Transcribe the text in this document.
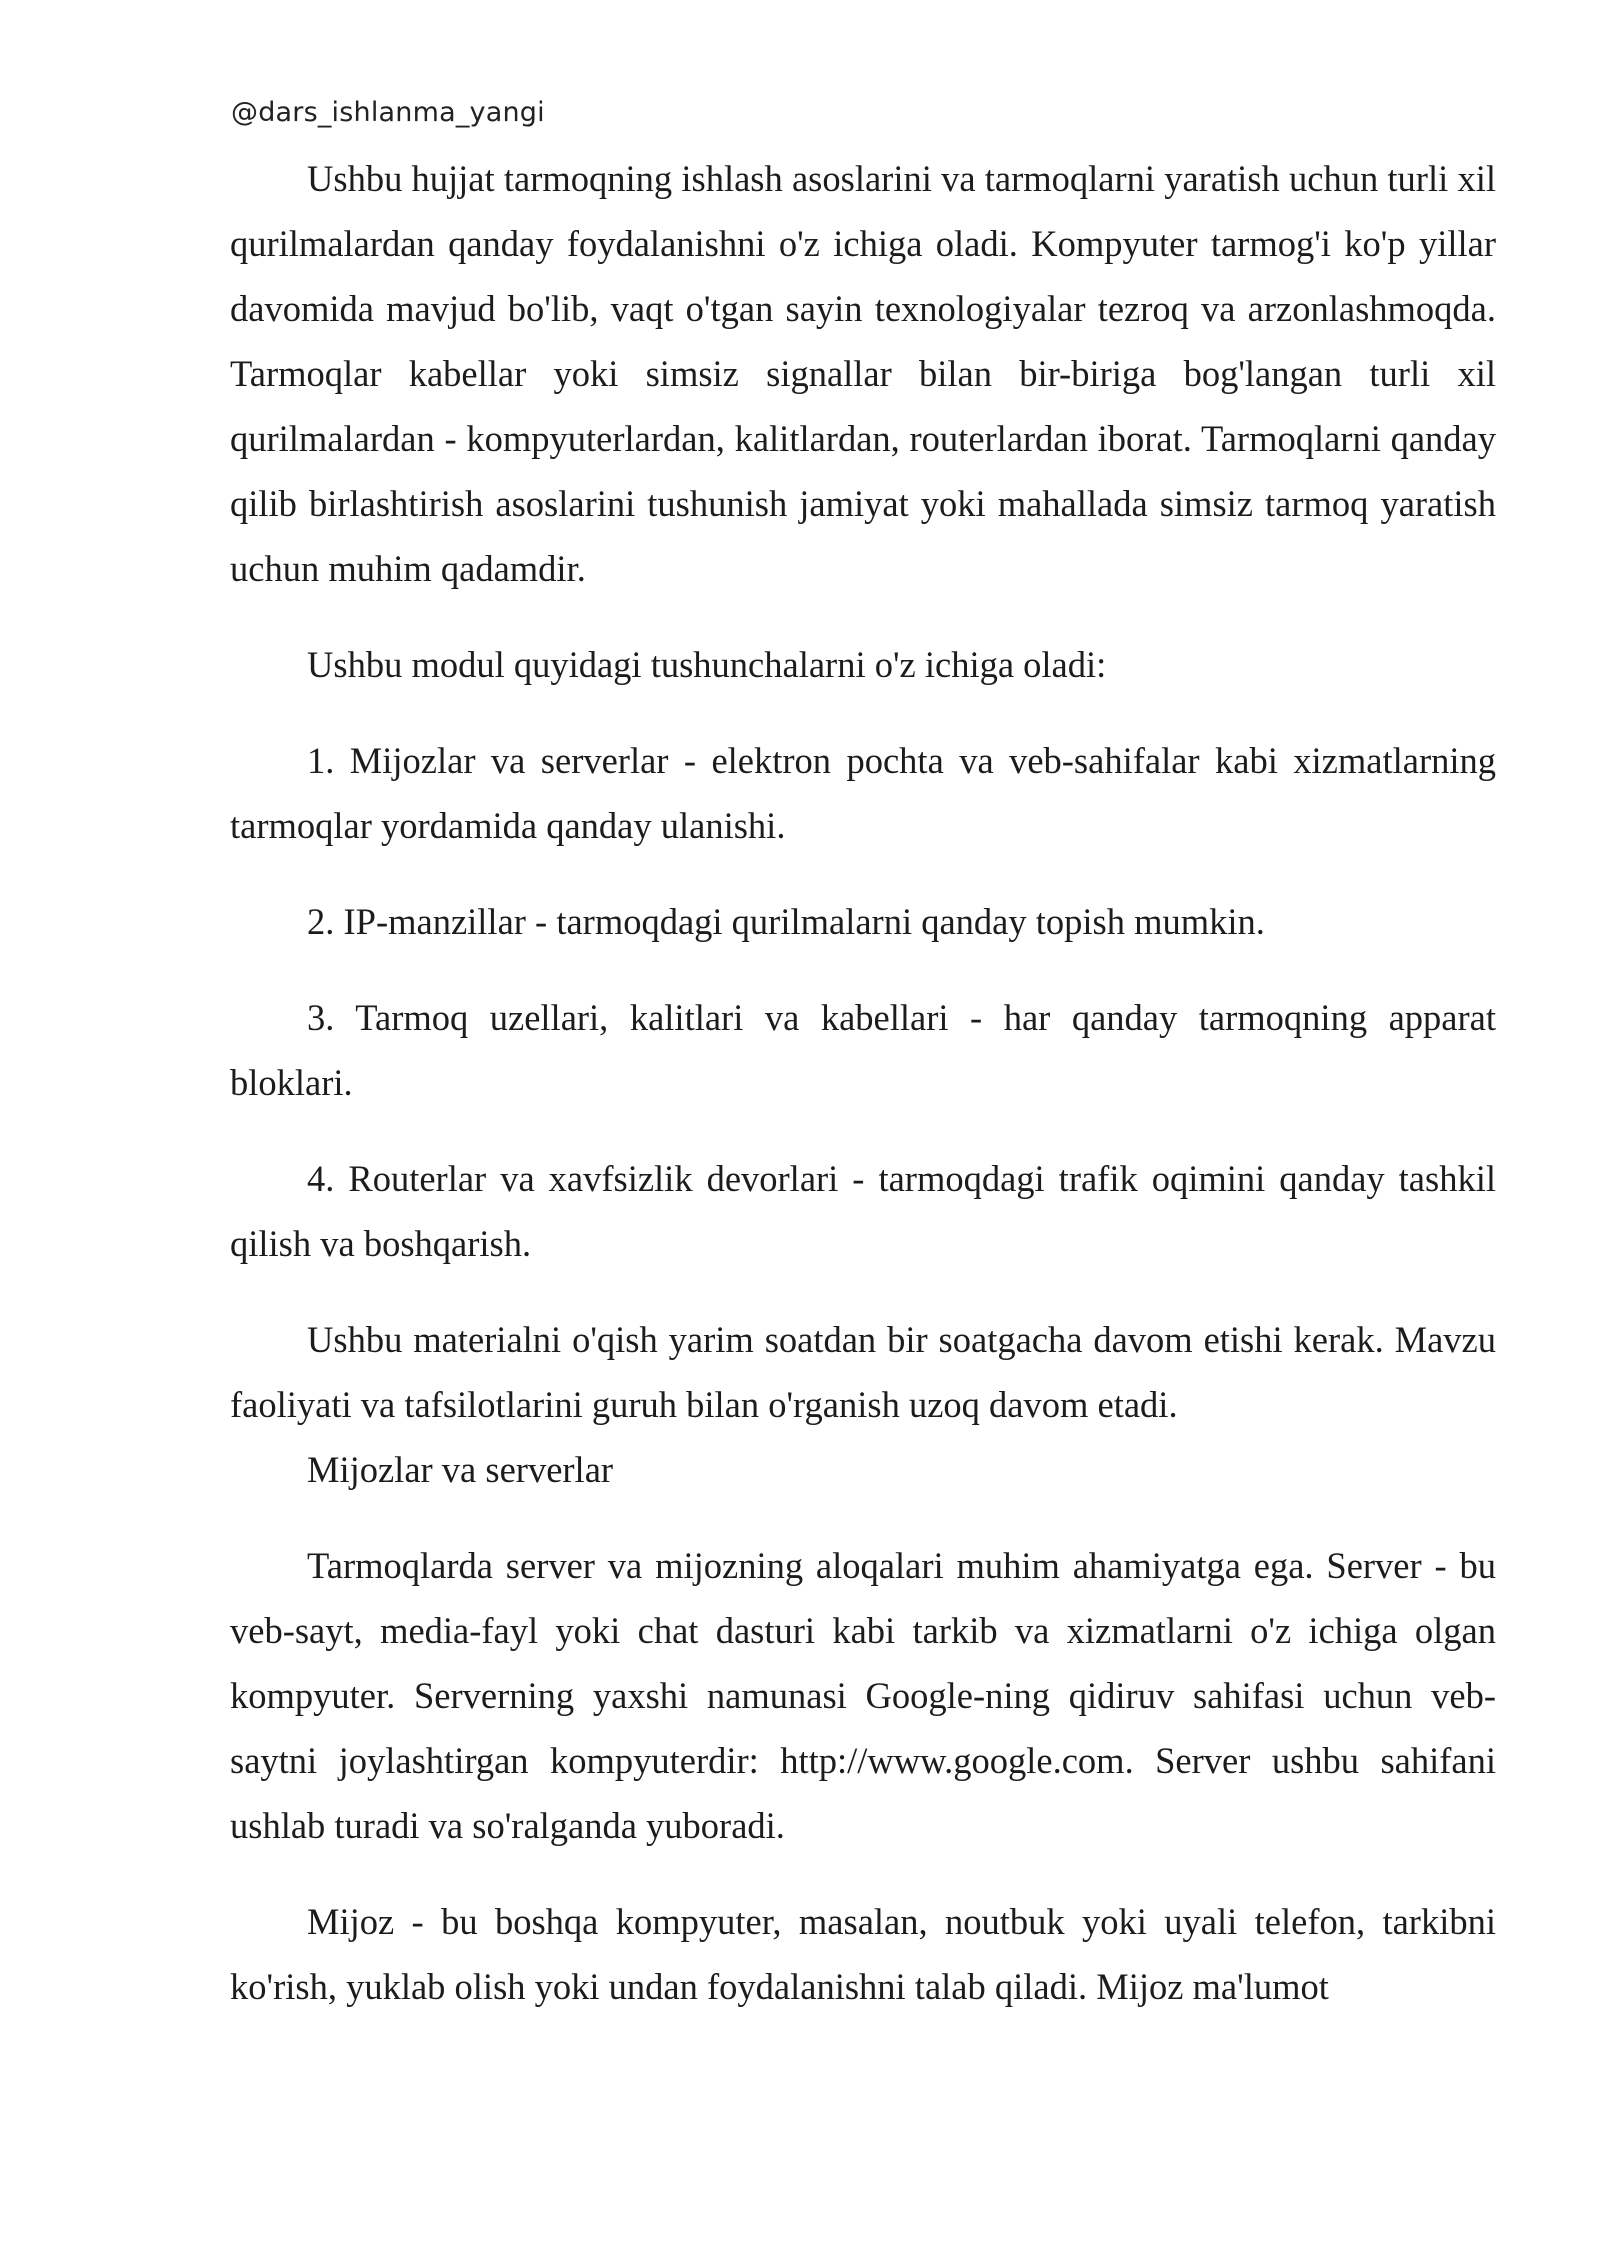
@dars_ishlanma_yangi

Ushbu hujjat tarmoqning ishlash asoslarini va tarmoqlarni yaratish uchun turli xil qurilmalardan qanday foydalanishni o'z ichiga oladi. Kompyuter tarmog'i ko'p yillar davomida mavjud bo'lib, vaqt o'tgan sayin texnologiyalar tezroq va arzonlashmoqda. Tarmoqlar kabellar yoki simsiz signallar bilan bir-biriga bog'langan turli xil qurilmalardan - kompyuterlardan, kalitlardan, routerlardan iborat. Tarmoqlarni qanday qilib birlashtirish asoslarini tushunish jamiyat yoki mahallada simsiz tarmoq yaratish uchun muhim qadamdir.

Ushbu modul quyidagi tushunchalarni o'z ichiga oladi:

1. Mijozlar va serverlar - elektron pochta va veb-sahifalar kabi xizmatlarning tarmoqlar yordamida qanday ulanishi.

2. IP-manzillar - tarmoqdagi qurilmalarni qanday topish mumkin.

3. Tarmoq uzellari, kalitlari va kabellari - har qanday tarmoqning apparat bloklari.

4. Routerlar va xavfsizlik devorlari - tarmoqdagi trafik oqimini qanday tashkil qilish va boshqarish.

Ushbu materialni o'qish yarim soatdan bir soatgacha davom etishi kerak. Mavzu faoliyati va tafsilotlarini guruh bilan o'rganish uzoq davom etadi.

Mijozlar va serverlar

Tarmoqlarda server va mijozning aloqalari muhim ahamiyatga ega. Server - bu veb-sayt, media-fayl yoki chat dasturi kabi tarkib va xizmatlarni o'z ichiga olgan kompyuter. Serverning yaxshi namunasi Google-ning qidiruv sahifasi uchun veb-saytni joylashtirgan kompyuterdir: http://www.google.com. Server ushbu sahifani ushlab turadi va so'ralganda yuboradi.

Mijoz - bu boshqa kompyuter, masalan, noutbuk yoki uyali telefon, tarkibni ko'rish, yuklab olish yoki undan foydalanishni talab qiladi. Mijoz ma'lumot
